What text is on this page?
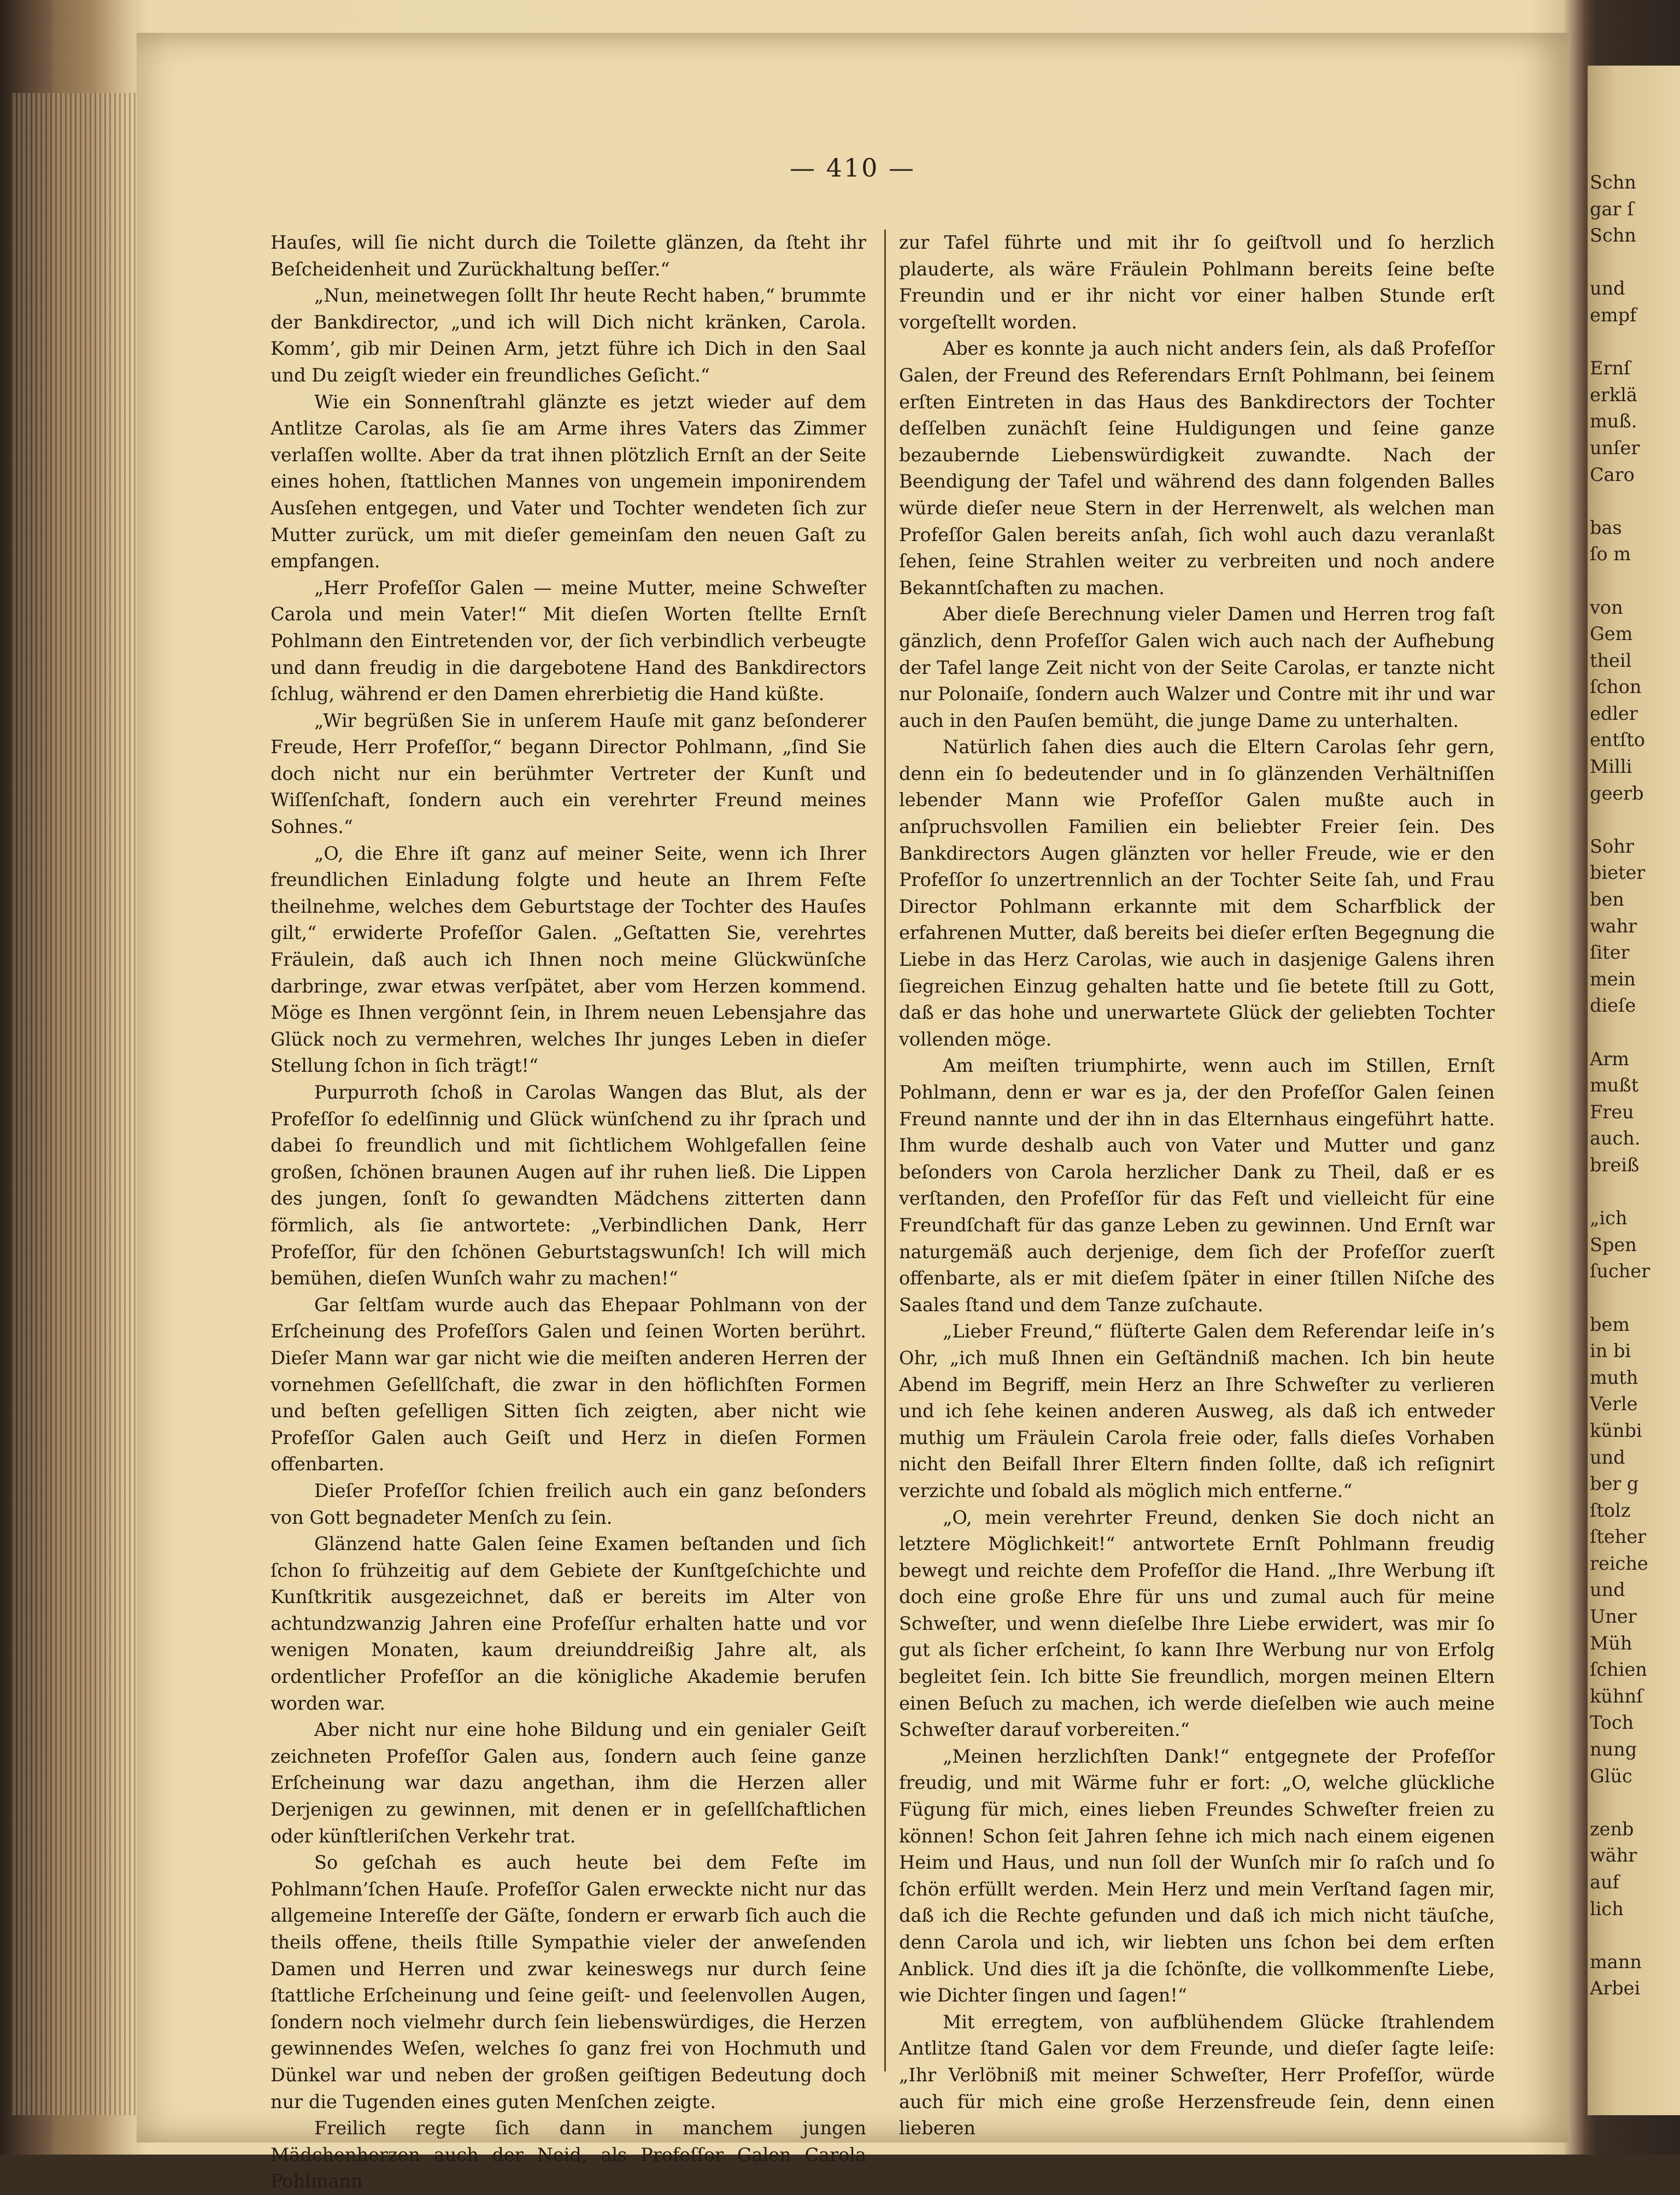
— 410 —

Hauſes, will ſie nicht durch die Toilette glänzen, da ſteht ihr Beſcheidenheit und Zurückhaltung beſſer.“

„Nun, meinetwegen ſollt Ihr heute Recht haben,“ brummte der Bankdirector, „und ich will Dich nicht kränken, Carola. Komm’, gib mir Deinen Arm, jetzt führe ich Dich in den Saal und Du zeigſt wieder ein freundliches Geſicht.“

Wie ein Sonnenſtrahl glänzte es jetzt wieder auf dem Antlitze Carolas, als ſie am Arme ihres Vaters das Zimmer verlaſſen wollte. Aber da trat ihnen plötzlich Ernſt an der Seite eines hohen, ſtattlichen Mannes von ungemein imponirendem Ausſehen entgegen, und Vater und Tochter wendeten ſich zur Mutter zurück, um mit dieſer gemeinſam den neuen Gaſt zu empfangen.

„Herr Profeſſor Galen — meine Mutter, meine Schweſter Carola und mein Vater!“ Mit dieſen Worten ſtellte Ernſt Pohlmann den Eintretenden vor, der ſich verbindlich verbeugte und dann freudig in die dargebotene Hand des Bankdirectors ſchlug, während er den Damen ehrerbietig die Hand küßte.

„Wir begrüßen Sie in unſerem Hauſe mit ganz beſonderer Freude, Herr Profeſſor,“ begann Director Pohlmann, „ſind Sie doch nicht nur ein berühmter Vertreter der Kunſt und Wiſſenſchaft, ſondern auch ein verehrter Freund meines Sohnes.“

„O, die Ehre iſt ganz auf meiner Seite, wenn ich Ihrer freundlichen Einladung folgte und heute an Ihrem Feſte theilnehme, welches dem Geburtstage der Tochter des Hauſes gilt,“ erwiderte Profeſſor Galen. „Geſtatten Sie, verehrtes Fräulein, daß auch ich Ihnen noch meine Glückwünſche darbringe, zwar etwas verſpätet, aber vom Herzen kommend. Möge es Ihnen vergönnt ſein, in Ihrem neuen Lebensjahre das Glück noch zu vermehren, welches Ihr junges Leben in dieſer Stellung ſchon in ſich trägt!“

Purpurroth ſchoß in Carolas Wangen das Blut, als der Profeſſor ſo edelſinnig und Glück wünſchend zu ihr ſprach und dabei ſo freundlich und mit ſichtlichem Wohlgefallen ſeine großen, ſchönen braunen Augen auf ihr ruhen ließ. Die Lippen des jungen, ſonſt ſo gewandten Mädchens zitterten dann förmlich, als ſie antwortete: „Verbindlichen Dank, Herr Profeſſor, für den ſchönen Geburtstagswunſch! Ich will mich bemühen, dieſen Wunſch wahr zu machen!“

Gar ſeltſam wurde auch das Ehepaar Pohlmann von der Erſcheinung des Profeſſors Galen und ſeinen Worten berührt. Dieſer Mann war gar nicht wie die meiſten anderen Herren der vornehmen Geſellſchaft, die zwar in den höflichſten Formen und beſten geſelligen Sitten ſich zeigten, aber nicht wie Profeſſor Galen auch Geiſt und Herz in dieſen Formen offenbarten.

Dieſer Profeſſor ſchien freilich auch ein ganz beſonders von Gott begnadeter Menſch zu ſein.

Glänzend hatte Galen ſeine Examen beſtanden und ſich ſchon ſo frühzeitig auf dem Gebiete der Kunſtgeſchichte und Kunſtkritik ausgezeichnet, daß er bereits im Alter von achtundzwanzig Jahren eine Profeſſur erhalten hatte und vor wenigen Monaten, kaum dreiunddreißig Jahre alt, als ordentlicher Profeſſor an die königliche Akademie berufen worden war.

Aber nicht nur eine hohe Bildung und ein genialer Geiſt zeichneten Profeſſor Galen aus, ſondern auch ſeine ganze Erſcheinung war dazu angethan, ihm die Herzen aller Derjenigen zu gewinnen, mit denen er in geſellſchaftlichen oder künſtleriſchen Verkehr trat.

So geſchah es auch heute bei dem Feſte im Pohlmann’ſchen Hauſe. Profeſſor Galen erweckte nicht nur das allgemeine Intereſſe der Gäſte, ſondern er erwarb ſich auch die theils offene, theils ſtille Sympathie vieler der anweſenden Damen und Herren und zwar keineswegs nur durch ſeine ſtattliche Erſcheinung und ſeine geiſt- und ſeelenvollen Augen, ſondern noch vielmehr durch ſein liebenswürdiges, die Herzen gewinnendes Weſen, welches ſo ganz frei von Hochmuth und Dünkel war und neben der großen geiſtigen Bedeutung doch nur die Tugenden eines guten Menſchen zeigte.

Freilich regte ſich dann in manchem jungen Mädchenherzen auch der Neid, als Profeſſor Galen Carola Pohlmann

zur Tafel führte und mit ihr ſo geiſtvoll und ſo herzlich plauderte, als wäre Fräulein Pohlmann bereits ſeine beſte Freundin und er ihr nicht vor einer halben Stunde erſt vorgeſtellt worden.

Aber es konnte ja auch nicht anders ſein, als daß Profeſſor Galen, der Freund des Referendars Ernſt Pohlmann, bei ſeinem erſten Eintreten in das Haus des Bankdirectors der Tochter deſſelben zunächſt ſeine Huldigungen und ſeine ganze bezaubernde Liebenswürdigkeit zuwandte. Nach der Beendigung der Tafel und während des dann folgenden Balles würde dieſer neue Stern in der Herrenwelt, als welchen man Profeſſor Galen bereits anſah, ſich wohl auch dazu veranlaßt ſehen, ſeine Strahlen weiter zu verbreiten und noch andere Bekanntſchaften zu machen.

Aber dieſe Berechnung vieler Damen und Herren trog faſt gänzlich, denn Profeſſor Galen wich auch nach der Aufhebung der Tafel lange Zeit nicht von der Seite Carolas, er tanzte nicht nur Polonaiſe, ſondern auch Walzer und Contre mit ihr und war auch in den Pauſen bemüht, die junge Dame zu unterhalten.

Natürlich ſahen dies auch die Eltern Carolas ſehr gern, denn ein ſo bedeutender und in ſo glänzenden Verhältniſſen lebender Mann wie Profeſſor Galen mußte auch in anſpruchsvollen Familien ein beliebter Freier ſein. Des Bankdirectors Augen glänzten vor heller Freude, wie er den Profeſſor ſo unzertrennlich an der Tochter Seite ſah, und Frau Director Pohlmann erkannte mit dem Scharfblick der erfahrenen Mutter, daß bereits bei dieſer erſten Begegnung die Liebe in das Herz Carolas, wie auch in dasjenige Galens ihren ſiegreichen Einzug gehalten hatte und ſie betete ſtill zu Gott, daß er das hohe und unerwartete Glück der geliebten Tochter vollenden möge.

Am meiſten triumphirte, wenn auch im Stillen, Ernſt Pohlmann, denn er war es ja, der den Profeſſor Galen ſeinen Freund nannte und der ihn in das Elternhaus eingeführt hatte. Ihm wurde deshalb auch von Vater und Mutter und ganz beſonders von Carola herzlicher Dank zu Theil, daß er es verſtanden, den Profeſſor für das Feſt und vielleicht für eine Freundſchaft für das ganze Leben zu gewinnen. Und Ernſt war naturgemäß auch derjenige, dem ſich der Profeſſor zuerſt offenbarte, als er mit dieſem ſpäter in einer ſtillen Niſche des Saales ſtand und dem Tanze zuſchaute.

„Lieber Freund,“ flüſterte Galen dem Referendar leiſe in’s Ohr, „ich muß Ihnen ein Geſtändniß machen. Ich bin heute Abend im Begriff, mein Herz an Ihre Schweſter zu verlieren und ich ſehe keinen anderen Ausweg, als daß ich entweder muthig um Fräulein Carola freie oder, falls dieſes Vorhaben nicht den Beifall Ihrer Eltern finden ſollte, daß ich reſignirt verzichte und ſobald als möglich mich entferne.“

„O, mein verehrter Freund, denken Sie doch nicht an letztere Möglichkeit!“ antwortete Ernſt Pohlmann freudig bewegt und reichte dem Profeſſor die Hand. „Ihre Werbung iſt doch eine große Ehre für uns und zumal auch für meine Schweſter, und wenn dieſelbe Ihre Liebe erwidert, was mir ſo gut als ſicher erſcheint, ſo kann Ihre Werbung nur von Erfolg begleitet ſein. Ich bitte Sie freundlich, morgen meinen Eltern einen Beſuch zu machen, ich werde dieſelben wie auch meine Schweſter darauf vorbereiten.“

„Meinen herzlichſten Dank!“ entgegnete der Profeſſor freudig, und mit Wärme fuhr er fort: „O, welche glückliche Fügung für mich, eines lieben Freundes Schweſter freien zu können! Schon ſeit Jahren ſehne ich mich nach einem eigenen Heim und Haus, und nun ſoll der Wunſch mir ſo raſch und ſo ſchön erfüllt werden. Mein Herz und mein Verſtand ſagen mir, daß ich die Rechte gefunden und daß ich mich nicht täuſche, denn Carola und ich, wir liebten uns ſchon bei dem erſten Anblick. Und dies iſt ja die ſchönſte, die vollkommenſte Liebe, wie Dichter ſingen und ſagen!“

Mit erregtem, von aufblühendem Glücke ſtrahlendem Antlitze ſtand Galen vor dem Freunde, und dieſer ſagte leiſe: „Ihr Verlöbniß mit meiner Schweſter, Herr Profeſſor, würde auch für mich eine große Herzensfreude ſein, denn einen lieberen

Schn
gar ſ
Schn

und
empf

Ernſ
erklä
muß.
unſer
Caro

bas
ſo m

von
Gem
theil
ſchon
edler
entſto
Milli
geerb

Sohr
bieter
ben
wahr
ſiter
mein
dieſe

Arm
mußt
Freu
auch.
breiß

„ich
Spen
ſucher

bem
in bi
muth
Verle
künbi
und
ber g
ſtolz
ſteher
reiche
und
Uner
Müh
ſchien
kühnſ
Toch
nung
Glüc

zenb
währ
auf
lich

mann
Arbei
